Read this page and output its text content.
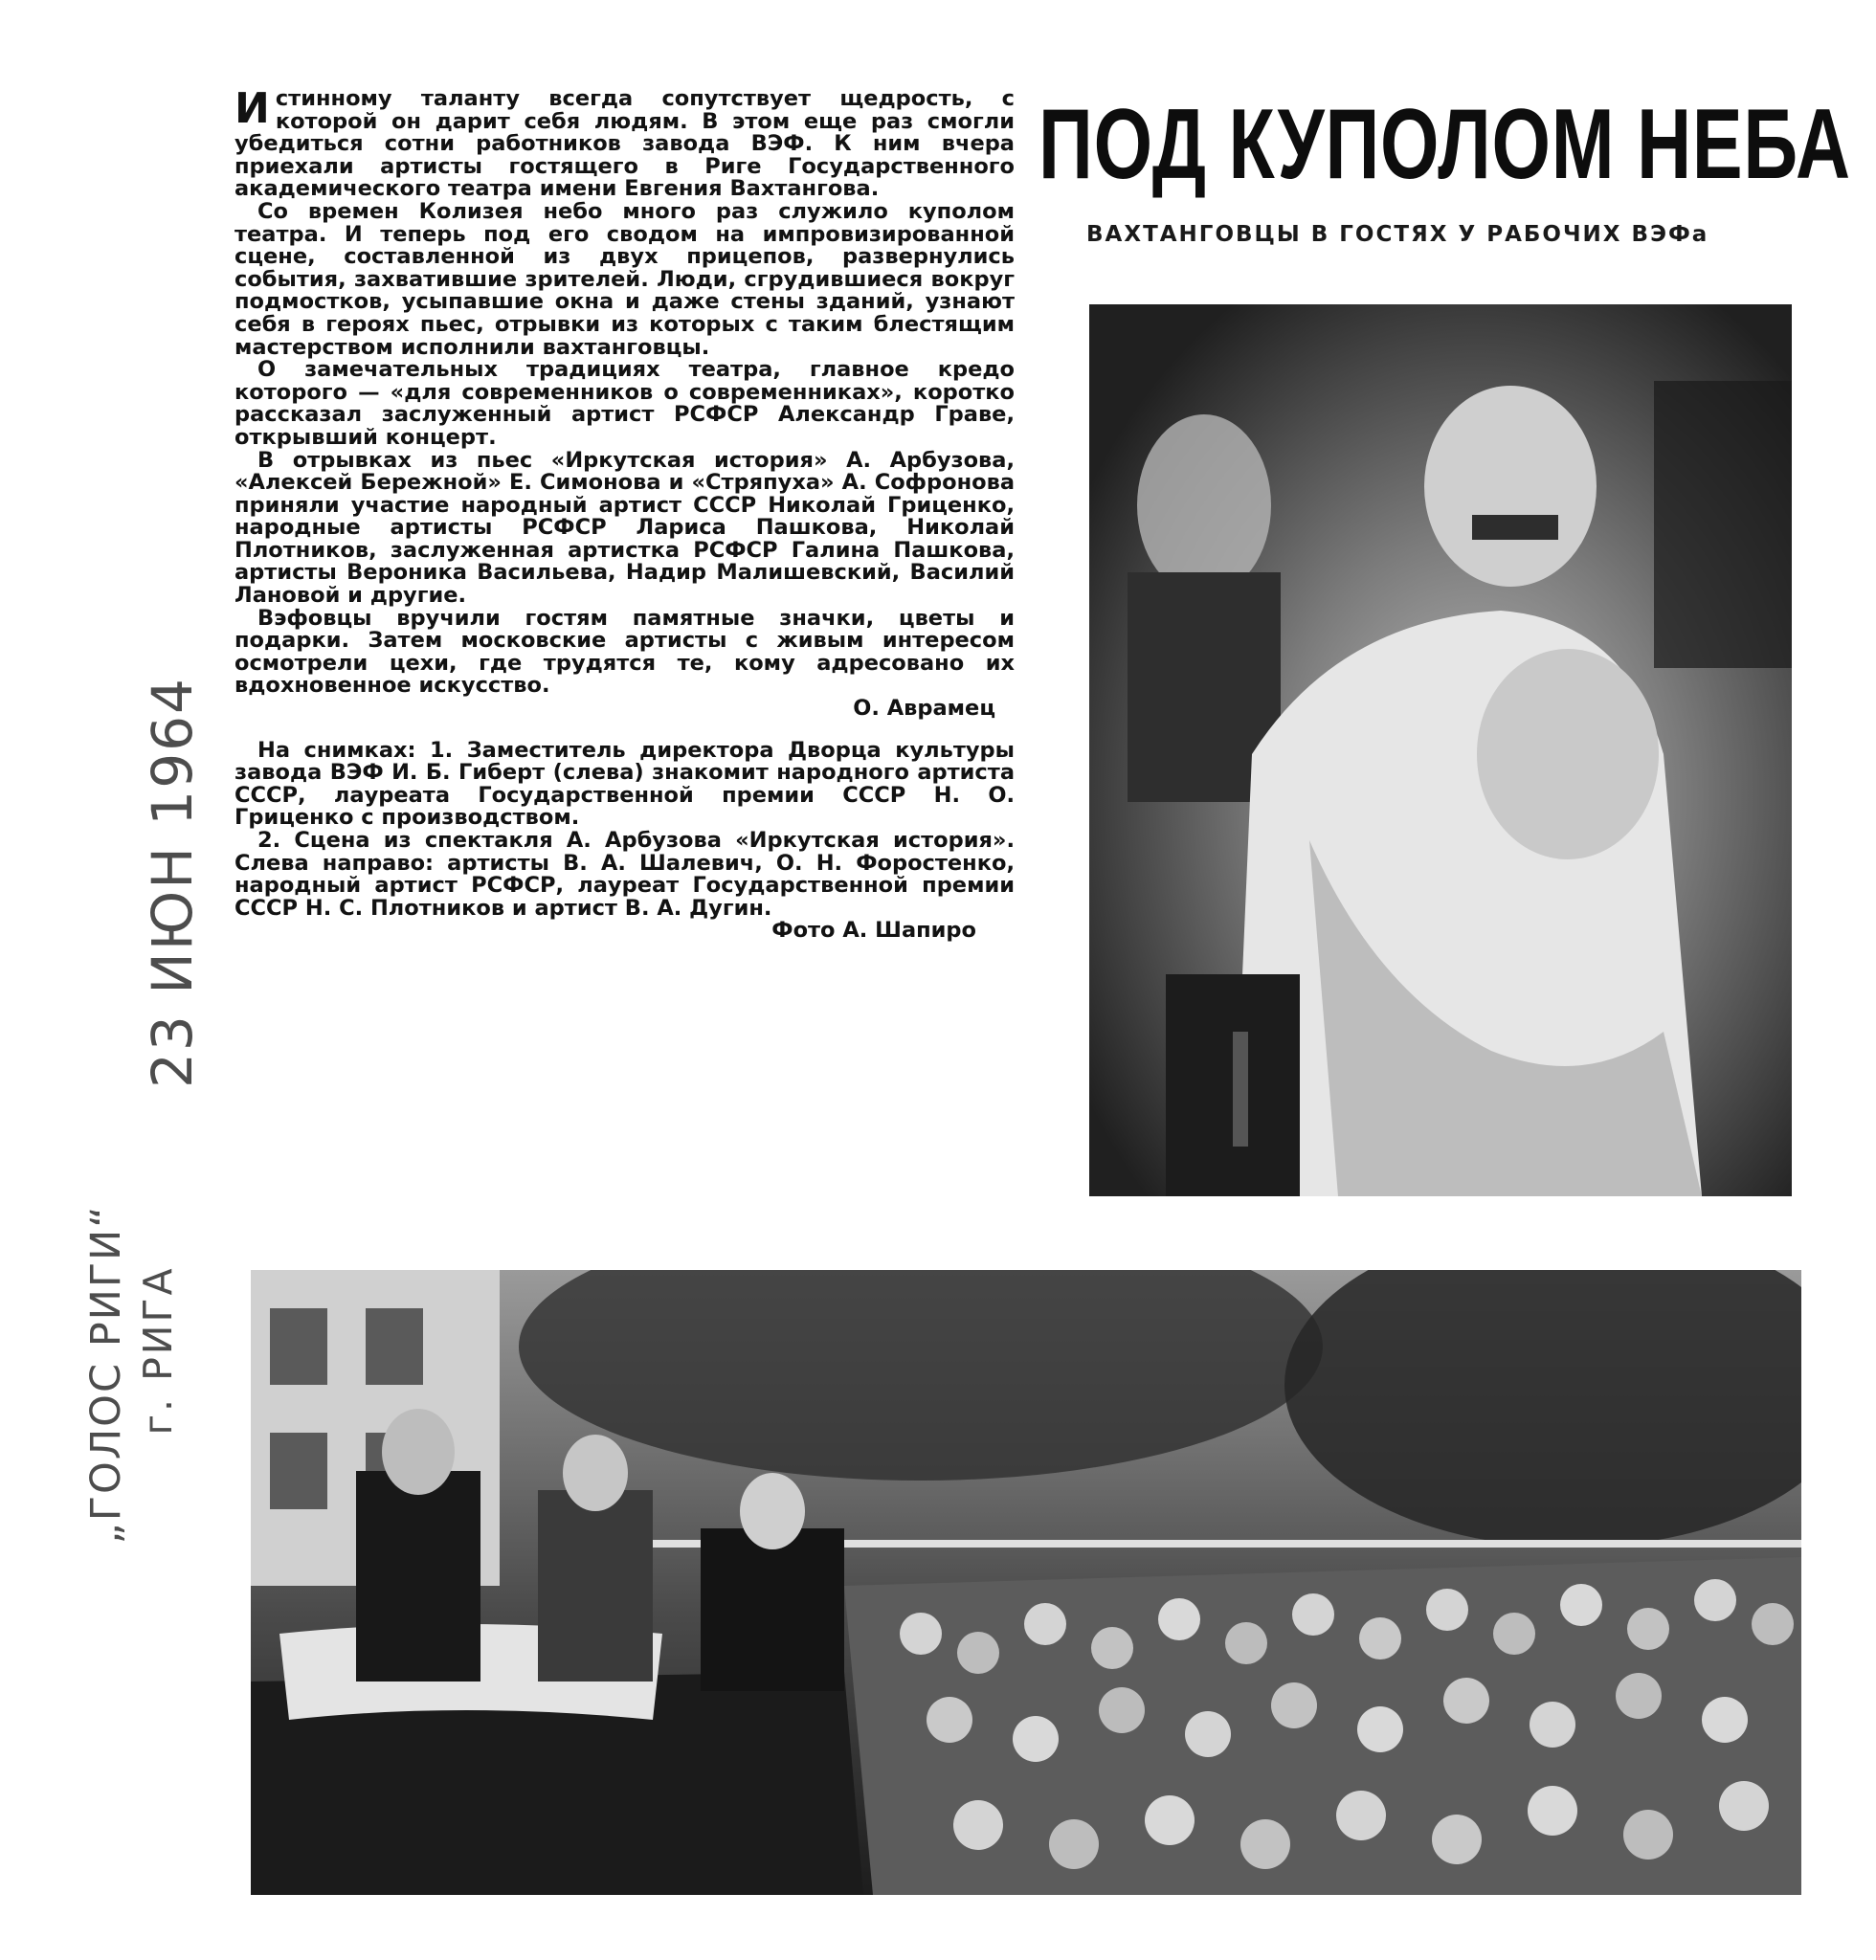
23 ИЮН 1964
„ГОЛОС РИГИ“ г. РИГА
ПОД КУПОЛОМ НЕБА
ВАХТАНГОВЦЫ В ГОСТЯХ У РАБОЧИХ ВЭФа

Истинному таланту всегда сопутствует щедрость, с которой он дарит себя людям. В этом еще раз смогли убедиться сотни работников завода ВЭФ. К ним вчера приехали артисты гостящего в Риге Государственного академического театра имени Евгения Вахтангова.

Со времен Колизея небо много раз служило куполом театра. И теперь под его сводом на импровизированной сцене, составленной из двух прицепов, развернулись события, захватившие зрителей. Люди, сгрудившиеся вокруг подмостков, усыпавшие окна и даже стены зданий, узнают себя в героях пьес, отрывки из которых с таким блестящим мастерством исполнили вахтанговцы.

О замечательных традициях театра, главное кредо которого — «для современников о современниках», коротко рассказал заслуженный артист РСФСР Александр Граве, открывший концерт.

В отрывках из пьес «Иркутская история» А. Арбузова, «Алексей Бережной» Е. Симонова и «Стряпуха» А. Софронова приняли участие народный артист СССР Николай Гриценко, народные артисты РСФСР Лариса Пашкова, Николай Плотников, заслуженная артистка РСФСР Галина Пашкова, артисты Вероника Васильева, Надир Малишевский, Василий Лановой и другие.

Вэфовцы вручили гостям памятные значки, цветы и подарки. Затем московские артисты с живым интересом осмотрели цехи, где трудятся те, кому адресовано их вдохновенное искусство.

О. Аврамец

На снимках: 1. Заместитель директора Дворца культуры завода ВЭФ И. Б. Гиберт (слева) знакомит народного артиста СССР, лауреата Государственной премии СССР Н. О. Гриценко с производством.

2. Сцена из спектакля А. Арбузова «Иркутская история». Слева направо: артисты В. А. Шалевич, О. Н. Форостенко, народный артист РСФСР, лауреат Государственной премии СССР Н. С. Плотников и артист В. А. Дугин.

Фото А. Шапиро
